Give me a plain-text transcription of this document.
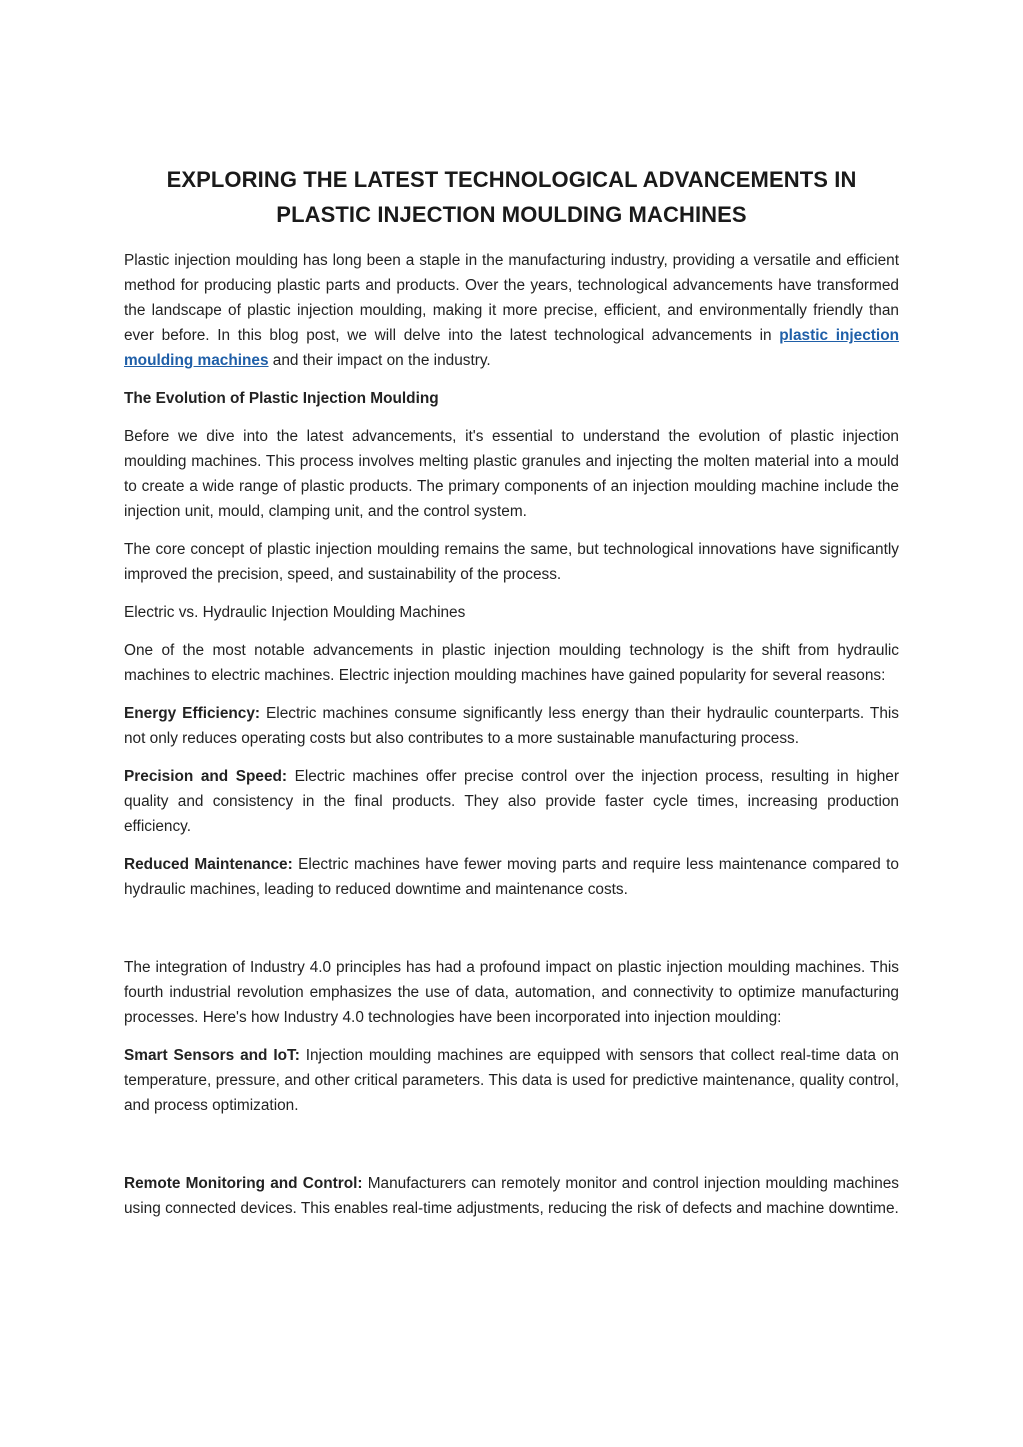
EXPLORING THE LATEST TECHNOLOGICAL ADVANCEMENTS IN
PLASTIC INJECTION MOULDING MACHINES

Plastic injection moulding has long been a staple in the manufacturing industry, providing a versatile and efficient method for producing plastic parts and products. Over the years, technological advancements have transformed the landscape of plastic injection moulding, making it more precise, efficient, and environmentally friendly than ever before. In this blog post, we will delve into the latest technological advancements in plastic injection moulding machines and their impact on the industry.

The Evolution of Plastic Injection Moulding

Before we dive into the latest advancements, it's essential to understand the evolution of plastic injection moulding machines. This process involves melting plastic granules and injecting the molten material into a mould to create a wide range of plastic products. The primary components of an injection moulding machine include the injection unit, mould, clamping unit, and the control system.

The core concept of plastic injection moulding remains the same, but technological innovations have significantly improved the precision, speed, and sustainability of the process.

Electric vs. Hydraulic Injection Moulding Machines

One of the most notable advancements in plastic injection moulding technology is the shift from hydraulic machines to electric machines. Electric injection moulding machines have gained popularity for several reasons:

Energy Efficiency: Electric machines consume significantly less energy than their hydraulic counterparts. This not only reduces operating costs but also contributes to a more sustainable manufacturing process.

Precision and Speed: Electric machines offer precise control over the injection process, resulting in higher quality and consistency in the final products. They also provide faster cycle times, increasing production efficiency.

Reduced Maintenance: Electric machines have fewer moving parts and require less maintenance compared to hydraulic machines, leading to reduced downtime and maintenance costs.

The integration of Industry 4.0 principles has had a profound impact on plastic injection moulding machines. This fourth industrial revolution emphasizes the use of data, automation, and connectivity to optimize manufacturing processes. Here's how Industry 4.0 technologies have been incorporated into injection moulding:

Smart Sensors and IoT: Injection moulding machines are equipped with sensors that collect real-time data on temperature, pressure, and other critical parameters. This data is used for predictive maintenance, quality control, and process optimization.

Remote Monitoring and Control: Manufacturers can remotely monitor and control injection moulding machines using connected devices. This enables real-time adjustments, reducing the risk of defects and machine downtime.
